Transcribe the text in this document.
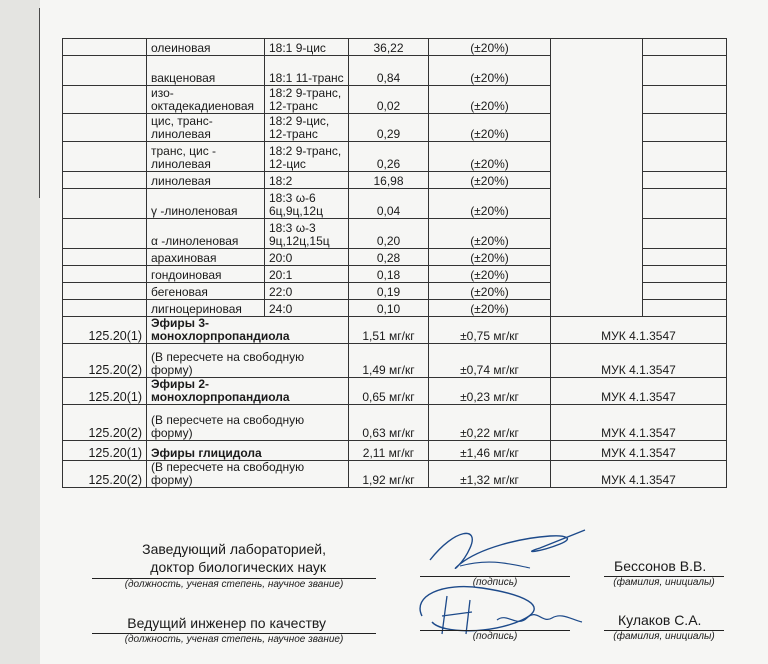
	олеиновая	18:1 9-цис	36,22	(±20%)		
	вакценовая	18:1 11-транс	0,84	(±20%)		
	изо-октадекадиеновая	18:2 9-транс, 12-транс	0,02	(±20%)		
	цис, транс-линолевая	18:2 9-цис, 12-транс	0,29	(±20%)		
	транс, цис - линолевая	18:2 9-транс, 12-цис	0,26	(±20%)		
	линолевая	18:2	16,98	(±20%)		
	γ -линоленовая	18:3 ω-6 6ц,9ц,12ц	0,04	(±20%)		
	α -линоленовая	18:3 ω-3 9ц,12ц,15ц	0,20	(±20%)		
	арахиновая	20:0	0,28	(±20%)		
	гондоиновая	20:1	0,18	(±20%)		
	бегеновая	22:0	0,19	(±20%)		
	лигноцериновая	24:0	0,10	(±20%)		
125.20(1)	Эфиры 3-монохлорпропандиола		1,51 мг/кг	±0,75 мг/кг	МУК 4.1.3547	
125.20(2)	(В пересчете на свободную форму)		1,49 мг/кг	±0,74 мг/кг	МУК 4.1.3547	
125.20(1)	Эфиры 2-монохлорпропандиола		0,65 мг/кг	±0,23 мг/кг	МУК 4.1.3547	
125.20(2)	(В пересчете на свободную форму)		0,63 мг/кг	±0,22 мг/кг	МУК 4.1.3547	
125.20(1)	Эфиры глицидола		2,11 мг/кг	±1,46 мг/кг	МУК 4.1.3547	
125.20(2)	(В пересчете на свободную форму)		1,92 мг/кг	±1,32 мг/кг	МУК 4.1.3547	
Заведующий лабораторией,
доктор биологических наук
(должность, ученая степень, научное звание)	(подпись)
Бессонов В.В.
(фамилия, инициалы)
Ведущий инженер по качеству
(должность, ученая степень, научное звание)	(подпись)
Кулаков С.А.
(фамилия, инициалы)
